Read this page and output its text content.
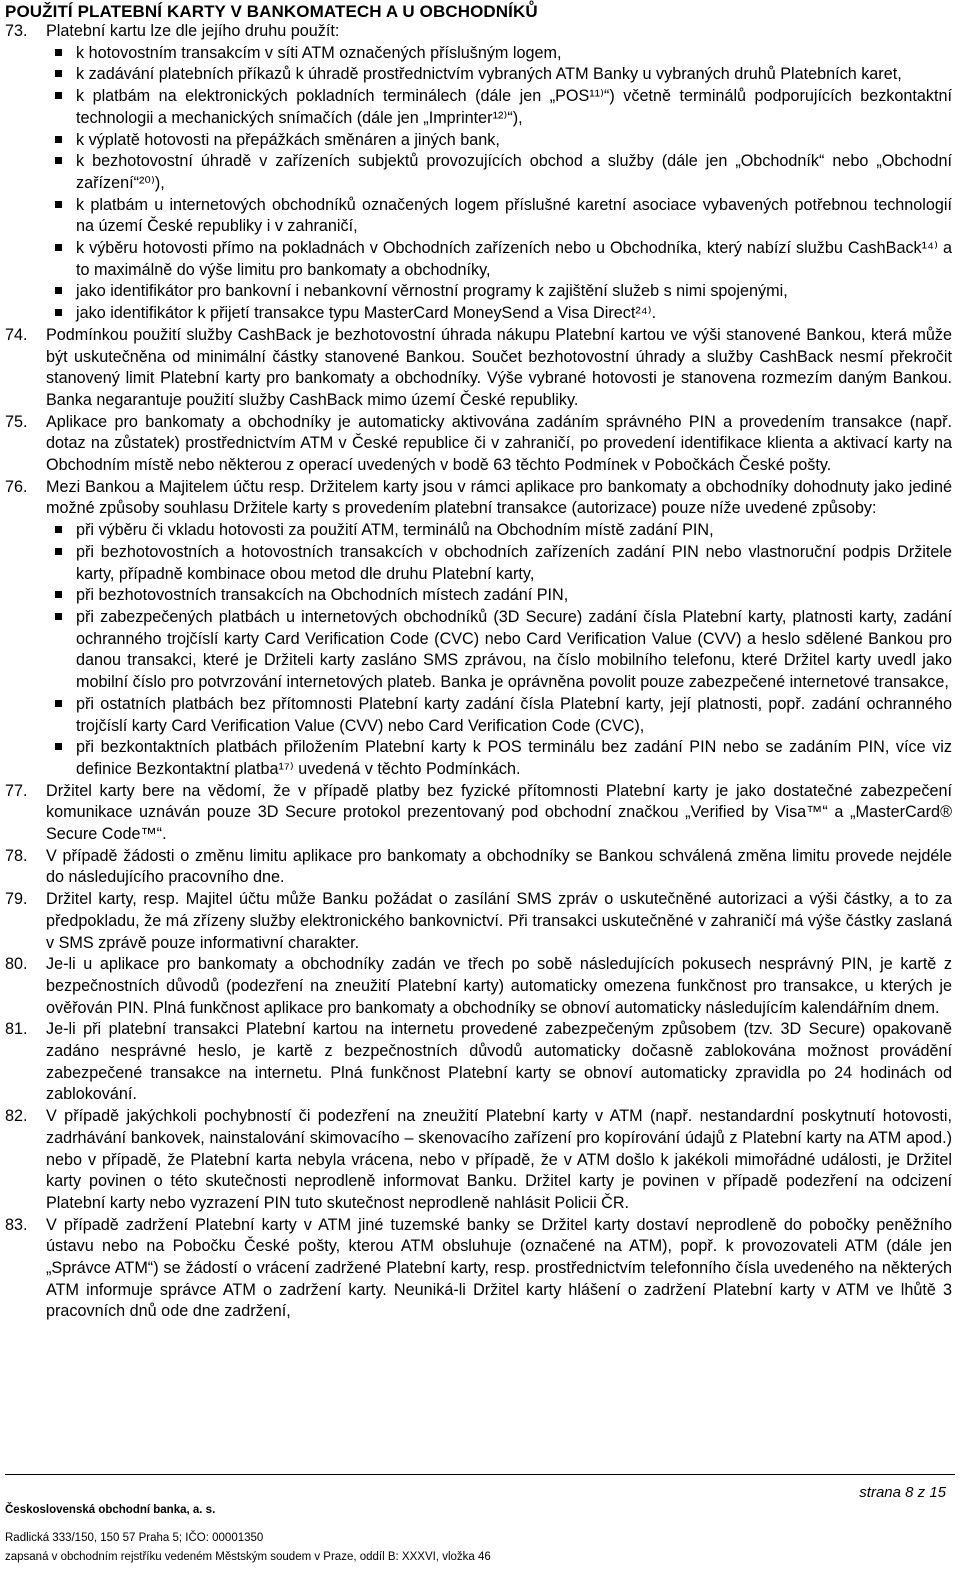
POUŽITÍ PLATEBNÍ KARTY V BANKOMATECH A U OBCHODNÍKŮ
73. Platební kartu lze dle jejího druhu použít:
k hotovostním transakcím v síti ATM označených příslušným logem,
k zadávání platebních příkazů k úhradě prostřednictvím vybraných ATM Banky u vybraných druhů Platebních karet,
k platbám na elektronických pokladních terminálech (dále jen „POS¹¹⁾“) včetně terminálů podporujících bezkontaktní technologii a mechanických snímačích (dále jen „Imprinter¹²⁾“),
k výplatě hotovosti na přepážkách směnáren a jiných bank,
k bezhotovostní úhradě v zařízeních subjektů provozujících obchod a služby (dále jen „Obchodník“ nebo „Obchodní zařízení“²⁰⁾),
k platbám u internetových obchodníků označených logem příslušné karetní asociace vybavených potřebnou technologií na území České republiky i v zahraničí,
k výběru hotovosti přímo na pokladnách v Obchodních zařízeních nebo u Obchodníka, který nabízí službu CashBack¹⁴⁾ a to maximálně do výše limitu pro bankomaty a obchodníky,
jako identifikátor pro bankovní i nebankovní věrnostní programy k zajištění služeb s nimi spojenými,
jako identifikátor k přijetí transakce typu MasterCard MoneySend a Visa Direct²⁴⁾.
74. Podmínkou použití služby CashBack je bezhotovostní úhrada nákupu Platební kartou ve výši stanovené Bankou, která může být uskutečněna od minimální částky stanovené Bankou. Součet bezhotovostní úhrady a služby CashBack nesmí překročit stanovený limit Platební karty pro bankomaty a obchodníky. Výše vybrané hotovosti je stanovena rozmezím daným Bankou. Banka negarantuje použití služby CashBack mimo území České republiky.
75. Aplikace pro bankomaty a obchodníky je automaticky aktivována zadáním správného PIN a provedením transakce (např. dotaz na zůstatek) prostřednictvím ATM v České republice či v zahraničí, po provedení identifikace klienta a aktivací karty na Obchodním místě nebo některou z operací uvedených v bodě 63 těchto Podmínek v Pobočkách České pošty.
76. Mezi Bankou a Majitelem účtu resp. Držitelem karty jsou v rámci aplikace pro bankomaty a obchodníky dohodnuty jako jediné možné způsoby souhlasu Držitele karty s provedením platební transakce (autorizace) pouze níže uvedené způsoby:
při výběru či vkladu hotovosti za použití ATM, terminálů na Obchodním místě zadání PIN,
při bezhotovostních a hotovostních transakcích v obchodních zařízeních zadání PIN nebo vlastnoruční podpis Držitele karty, případně kombinace obou metod dle druhu Platební karty,
při bezhotovostních transakcích na Obchodních místech zadání PIN,
při zabezpečených platbách u internetových obchodníků (3D Secure) zadání čísla Platební karty, platnosti karty, zadání ochranného trojčíslí karty Card Verification Code (CVC) nebo Card Verification Value (CVV) a heslo sdělené Bankou pro danou transakci, které je Držiteli karty zasláno SMS zprávou, na číslo mobilního telefonu, které Držitel karty uvedl jako mobilní číslo pro potvrzování internetových plateb. Banka je oprávněna povolit pouze zabezpečené internetové transakce,
při ostatních platbách bez přítomnosti Platební karty zadání čísla Platební karty, její platnosti, popř. zadání ochranného trojčíslí karty Card Verification Value (CVV) nebo Card Verification Code (CVC),
při bezkontaktních platbách přiložením Platební karty k POS terminálu bez zadání PIN nebo se zadáním PIN, více viz definice Bezkontaktní platba¹⁷⁾ uvedená v těchto Podmínkách.
77. Držitel karty bere na vědomí, že v případě platby bez fyzické přítomnosti Platební karty je jako dostatečné zabezpečení komunikace uznáván pouze 3D Secure protokol prezentovaný pod obchodní značkou „Verified by Visa™“ a „MasterCard® Secure Code™“.
78. V případě žádosti o změnu limitu aplikace pro bankomaty a obchodníky se Bankou schválená změna limitu provede nejdéle do následujícího pracovního dne.
79. Držitel karty, resp. Majitel účtu může Banku požádat o zasílání SMS zpráv o uskutečněné autorizaci a výši částky, a to za předpokladu, že má zřízeny služby elektronického bankovnictví. Při transakci uskutečněné v zahraničí má výše částky zaslaná v SMS zprávě pouze informativní charakter.
80. Je-li u aplikace pro bankomaty a obchodníky zadán ve třech po sobě následujících pokusech nesprávný PIN, je kartě z bezpečnostních důvodů (podezření na zneužití Platební karty) automaticky omezena funkčnost pro transakce, u kterých je ověřován PIN. Plná funkčnost aplikace pro bankomaty a obchodníky se obnoví automaticky následujícím kalendářním dnem.
81. Je-li při platební transakci Platební kartou na internetu provedené zabezpečeným způsobem (tzv. 3D Secure) opakovaně zadáno nesprávné heslo, je kartě z bezpečnostních důvodů automaticky dočasně zablokována možnost provádění zabezpečené transakce na internetu. Plná funkčnost Platební karty se obnoví automaticky zpravidla po 24 hodinách od zablokování.
82. V případě jakýchkoli pochybností či podezření na zneužití Platební karty v ATM (např. nestandardní poskytnutí hotovosti, zadrhávání bankovek, nainstalování skimovacího – skenovacího zařízení pro kopírování údajů z Platební karty na ATM apod.) nebo v případě, že Platební karta nebyla vrácena, nebo v případě, že v ATM došlo k jakékoli mimořádné události, je Držitel karty povinen o této skutečnosti neprodleně informovat Banku. Držitel karty je povinen v případě podezření na odcizení Platební karty nebo vyzrazení PIN tuto skutečnost neprodleně nahlásit Policii ČR.
83. V případě zadržení Platební karty v ATM jiné tuzemské banky se Držitel karty dostaví neprodleně do pobočky peněžního ústavu nebo na Pobočku České pošty, kterou ATM obsluhuje (označené na ATM), popř. k provozovateli ATM (dále jen „Správce ATM“) se žádostí o vrácení zadržené Platební karty, resp. prostřednictvím telefonního čísla uvedeného na některých ATM informuje správce ATM o zadržení karty. Neuniká-li Držitel karty hlášení o zadržení Platební karty v ATM ve lhůtě 3 pracovních dnů ode dne zadržení,
strana 8 z 15
Československá obchodní banka, a. s.
Radlická 333/150, 150 57 Praha 5; IČO: 00001350
zapsaná v obchodním rejstříku vedeném Městským soudem v Praze, oddíl B: XXXVI, vložka 46
